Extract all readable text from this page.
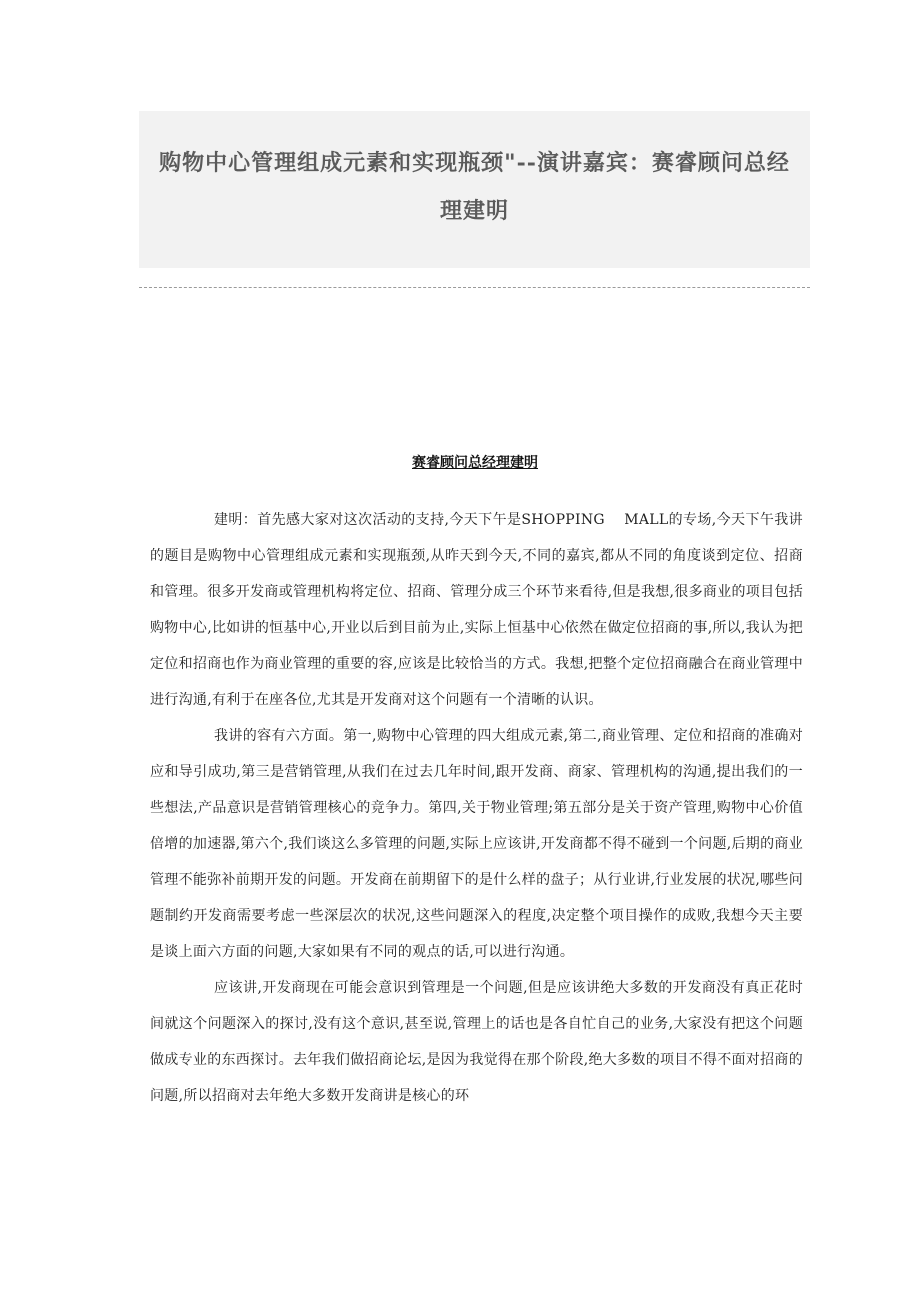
购物中心管理组成元素和实现瓶颈"--演讲嘉宾：赛睿顾问总经理建明

赛睿顾问总经理建明

建明：首先感大家对这次活动的支持,今天下午是SHOPPING　 MALL的专场,今天下午我讲的题目是购物中心管理组成元素和实现瓶颈,从昨天到今天,不同的嘉宾,都从不同的角度谈到定位、招商和管理。很多开发商或管理机构将定位、招商、管理分成三个环节来看待,但是我想,很多商业的项目包括购物中心,比如讲的恒基中心,开业以后到目前为止,实际上恒基中心依然在做定位招商的事,所以,我认为把定位和招商也作为商业管理的重要的容,应该是比较恰当的方式。我想,把整个定位招商融合在商业管理中进行沟通,有利于在座各位,尤其是开发商对这个问题有一个清晰的认识。

我讲的容有六方面。第一,购物中心管理的四大组成元素,第二,商业管理、定位和招商的准确对应和导引成功,第三是营销管理,从我们在过去几年时间,跟开发商、商家、管理机构的沟通,提出我们的一些想法,产品意识是营销管理核心的竞争力。第四,关于物业管理;第五部分是关于资产管理,购物中心价值倍增的加速器,第六个,我们谈这么多管理的问题,实际上应该讲,开发商都不得不碰到一个问题,后期的商业管理不能弥补前期开发的问题。开发商在前期留下的是什么样的盘子；从行业讲,行业发展的状况,哪些问题制约开发商需要考虑一些深层次的状况,这些问题深入的程度,决定整个项目操作的成败,我想今天主要是谈上面六方面的问题,大家如果有不同的观点的话,可以进行沟通。

应该讲,开发商现在可能会意识到管理是一个问题,但是应该讲绝大多数的开发商没有真正花时间就这个问题深入的探讨,没有这个意识,甚至说,管理上的话也是各自忙自己的业务,大家没有把这个问题做成专业的东西探讨。去年我们做招商论坛,是因为我觉得在那个阶段,绝大多数的项目不得不面对招商的问题,所以招商对去年绝大多数开发商讲是核心的环
